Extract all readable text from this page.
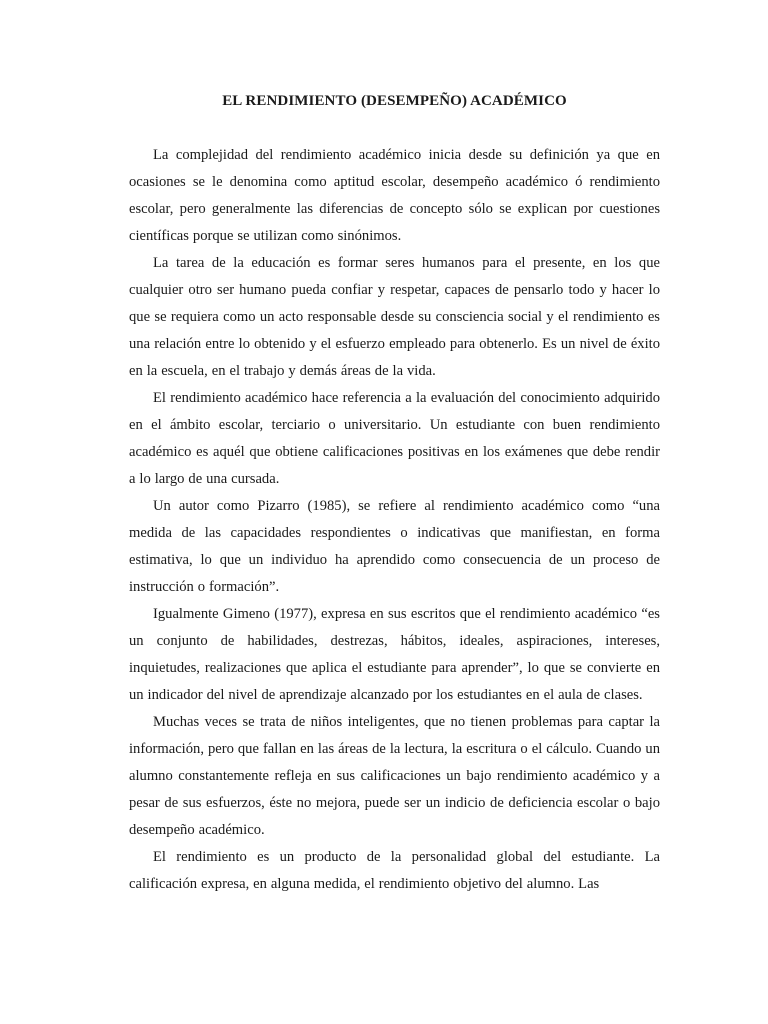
EL RENDIMIENTO (DESEMPEÑO) ACADÉMICO

La complejidad del rendimiento académico inicia desde su definición ya que en ocasiones se le denomina como aptitud escolar, desempeño académico ó rendimiento escolar, pero generalmente las diferencias de concepto sólo se explican por cuestiones científicas porque se utilizan como sinónimos.

La tarea de la educación es formar seres humanos para el presente, en los que cualquier otro ser humano pueda confiar y respetar, capaces de pensarlo todo y hacer lo que se requiera como un acto responsable desde su consciencia social y el rendimiento es una relación entre lo obtenido y el esfuerzo empleado para obtenerlo. Es un nivel de éxito en la escuela, en el trabajo y demás áreas de la vida.

El rendimiento académico hace referencia a la evaluación del conocimiento adquirido en el ámbito escolar, terciario o universitario. Un estudiante con buen rendimiento académico es aquél que obtiene calificaciones positivas en los exámenes que debe rendir a lo largo de una cursada.

Un autor como Pizarro (1985), se refiere al rendimiento académico como “una medida de las capacidades respondientes o indicativas que manifiestan, en forma estimativa, lo que un individuo ha aprendido como consecuencia de un proceso de instrucción o formación”.

Igualmente Gimeno (1977), expresa en sus escritos que el rendimiento académico “es un conjunto de habilidades, destrezas, hábitos, ideales, aspiraciones, intereses, inquietudes, realizaciones que aplica el estudiante para aprender”, lo que se convierte en un indicador del nivel de aprendizaje alcanzado por los estudiantes en el aula de clases.

Muchas veces se trata de niños inteligentes, que no tienen problemas para captar la información, pero que fallan en las áreas de la lectura, la escritura o el cálculo. Cuando un alumno constantemente refleja en sus calificaciones un bajo rendimiento académico y a pesar de sus esfuerzos, éste no mejora, puede ser un indicio de deficiencia escolar o bajo desempeño académico.

El rendimiento es un producto de la personalidad global del estudiante. La calificación expresa, en alguna medida, el rendimiento objetivo del alumno. Las
